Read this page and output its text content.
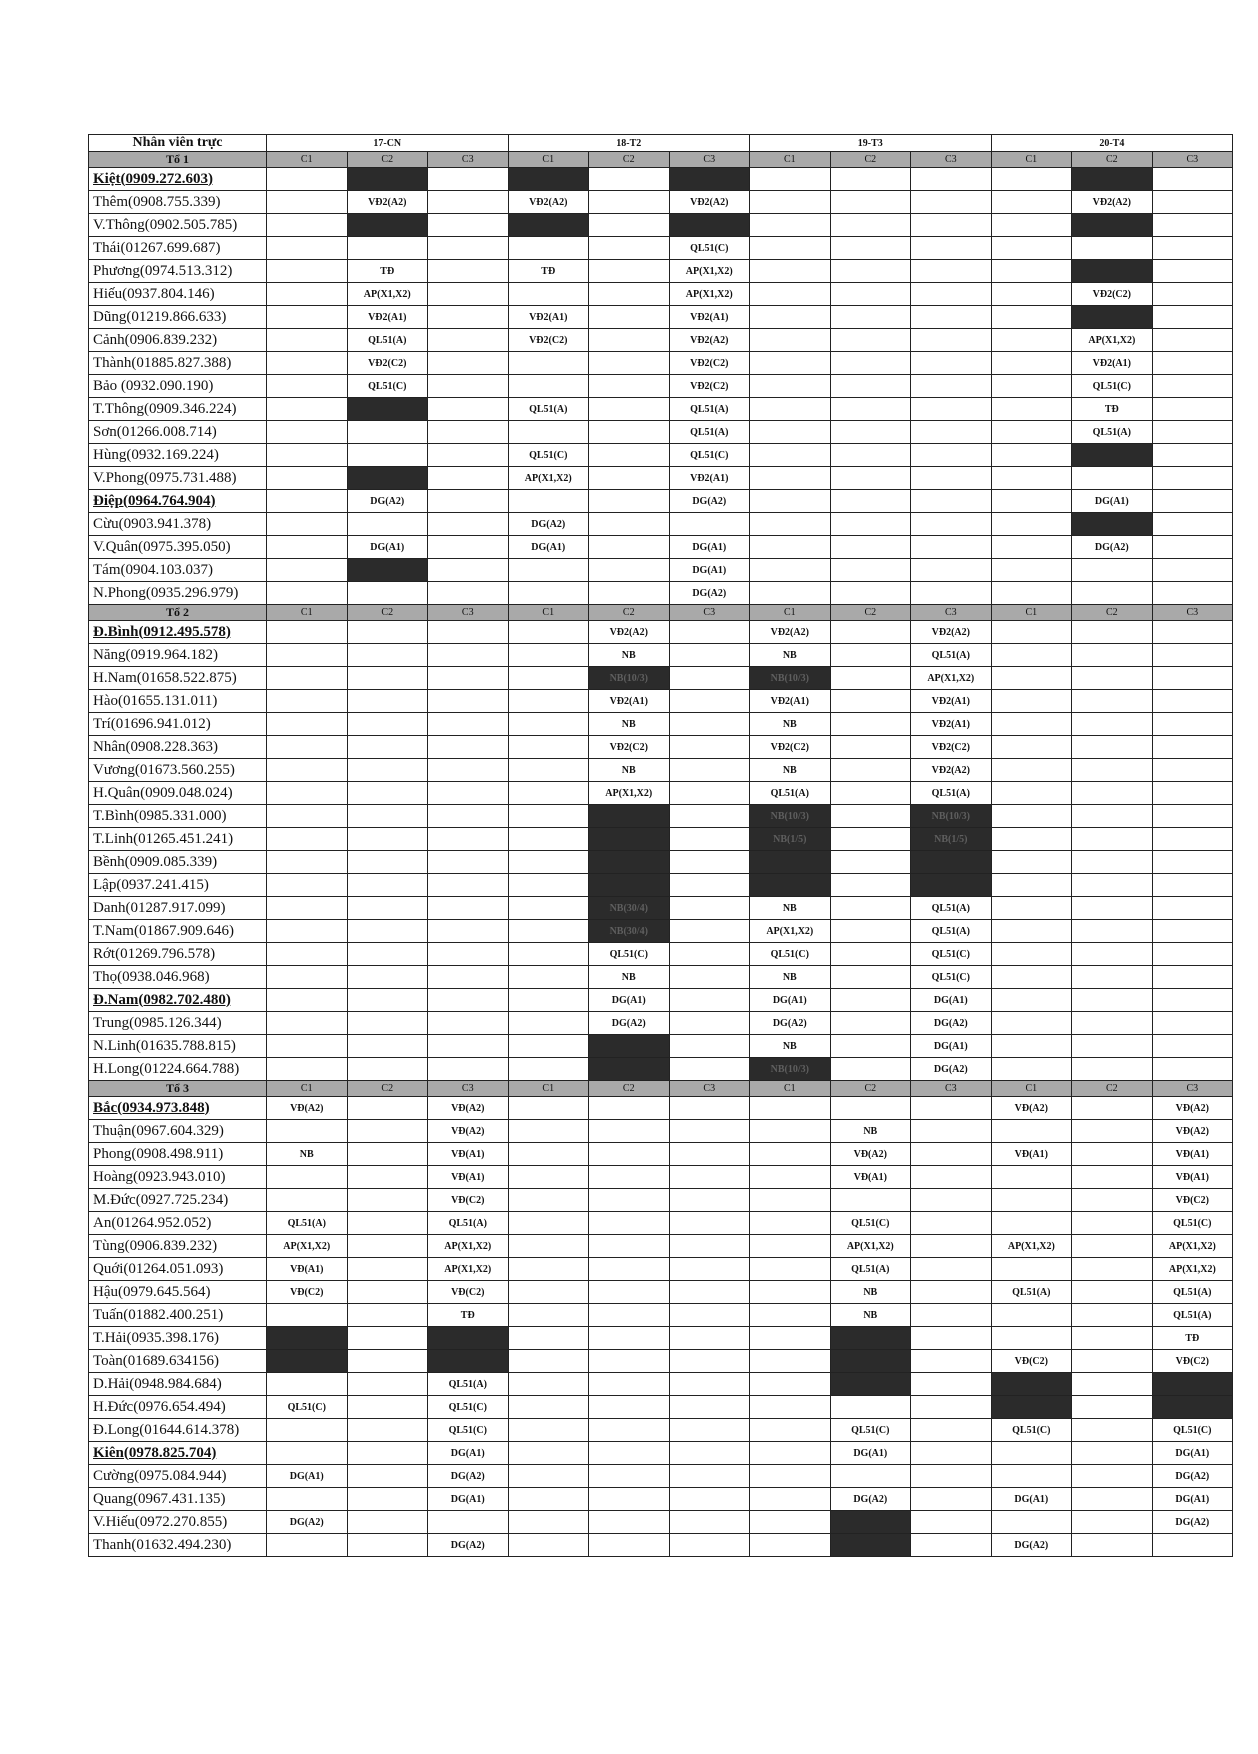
Nhân viên trực	17-CN			18-T2			19-T3			20-T4		
Tổ 1	C1	C2	C3	C1	C2	C3	C1	C2	C3	C1	C2	C3
Kiệt(0909.272.603)												
Thêm(0908.755.339)		VĐ2(A2)		VĐ2(A2)		VĐ2(A2)					VĐ2(A2)	
V.Thông(0902.505.785)												
Thái(01267.699.687)						QL51(C)						
Phương(0974.513.312)		TĐ		TĐ		AP(X1,X2)						
Hiếu(0937.804.146)		AP(X1,X2)				AP(X1,X2)					VĐ2(C2)	
Dũng(01219.866.633)		VĐ2(A1)		VĐ2(A1)		VĐ2(A1)						
Cảnh(0906.839.232)		QL51(A)		VĐ2(C2)		VĐ2(A2)					AP(X1,X2)	
Thành(01885.827.388)		VĐ2(C2)				VĐ2(C2)					VĐ2(A1)	
Bảo (0932.090.190)		QL51(C)				VĐ2(C2)					QL51(C)	
T.Thông(0909.346.224)				QL51(A)		QL51(A)					TĐ	
Sơn(01266.008.714)						QL51(A)					QL51(A)	
Hùng(0932.169.224)				QL51(C)		QL51(C)						
V.Phong(0975.731.488)				AP(X1,X2)		VĐ2(A1)						
Điệp(0964.764.904)		DG(A2)				DG(A2)					DG(A1)	
Cừu(0903.941.378)				DG(A2)								
V.Quân(0975.395.050)		DG(A1)		DG(A1)		DG(A1)					DG(A2)	
Tám(0904.103.037)						DG(A1)						
N.Phong(0935.296.979)						DG(A2)						
Tổ 2	C1	C2	C3	C1	C2	C3	C1	C2	C3	C1	C2	C3
Đ.Bình(0912.495.578)					VĐ2(A2)		VĐ2(A2)		VĐ2(A2)			
Năng(0919.964.182)					NB		NB		QL51(A)			
H.Nam(01658.522.875)					NB(10/3)		NB(10/3)		AP(X1,X2)			
Hào(01655.131.011)					VĐ2(A1)		VĐ2(A1)		VĐ2(A1)			
Trí(01696.941.012)					NB		NB		VĐ2(A1)			
Nhân(0908.228.363)					VĐ2(C2)		VĐ2(C2)		VĐ2(C2)			
Vương(01673.560.255)					NB		NB		VĐ2(A2)			
H.Quân(0909.048.024)					AP(X1,X2)		QL51(A)		QL51(A)			
T.Bình(0985.331.000)							NB(10/3)		NB(10/3)			
T.Linh(01265.451.241)							NB(1/5)		NB(1/5)			
Bềnh(0909.085.339)												
Lập(0937.241.415)												
Danh(01287.917.099)					NB(30/4)		NB		QL51(A)			
T.Nam(01867.909.646)					NB(30/4)		AP(X1,X2)		QL51(A)			
Rớt(01269.796.578)					QL51(C)		QL51(C)		QL51(C)			
Thọ(0938.046.968)					NB		NB		QL51(C)			
Đ.Nam(0982.702.480)					DG(A1)		DG(A1)		DG(A1)			
Trung(0985.126.344)					DG(A2)		DG(A2)		DG(A2)			
N.Linh(01635.788.815)							NB		DG(A1)			
H.Long(01224.664.788)							NB(10/3)		DG(A2)			
Tổ 3	C1	C2	C3	C1	C2	C3	C1	C2	C3	C1	C2	C3
Bắc(0934.973.848)	VĐ(A2)		VĐ(A2)							VĐ(A2)		VĐ(A2)
Thuận(0967.604.329)			VĐ(A2)					NB				VĐ(A2)
Phong(0908.498.911)	NB		VĐ(A1)					VĐ(A2)		VĐ(A1)		VĐ(A1)
Hoàng(0923.943.010)			VĐ(A1)					VĐ(A1)				VĐ(A1)
M.Đức(0927.725.234)			VĐ(C2)									VĐ(C2)
An(01264.952.052)	QL51(A)		QL51(A)					QL51(C)				QL51(C)
Tùng(0906.839.232)	AP(X1,X2)		AP(X1,X2)					AP(X1,X2)		AP(X1,X2)		AP(X1,X2)
Quới(01264.051.093)	VĐ(A1)		AP(X1,X2)					QL51(A)				AP(X1,X2)
Hậu(0979.645.564)	VĐ(C2)		VĐ(C2)					NB		QL51(A)		QL51(A)
Tuấn(01882.400.251)			TĐ					NB				QL51(A)
T.Hải(0935.398.176)												TĐ
Toàn(01689.634156)										VĐ(C2)		VĐ(C2)
D.Hải(0948.984.684)			QL51(A)									
H.Đức(0976.654.494)	QL51(C)		QL51(C)									
Đ.Long(01644.614.378)			QL51(C)					QL51(C)		QL51(C)		QL51(C)
Kiên(0978.825.704)			DG(A1)					DG(A1)				DG(A1)
Cường(0975.084.944)	DG(A1)		DG(A2)									DG(A2)
Quang(0967.431.135)			DG(A1)					DG(A2)		DG(A1)		DG(A1)
V.Hiếu(0972.270.855)	DG(A2)											DG(A2)
Thanh(01632.494.230)			DG(A2)							DG(A2)		
